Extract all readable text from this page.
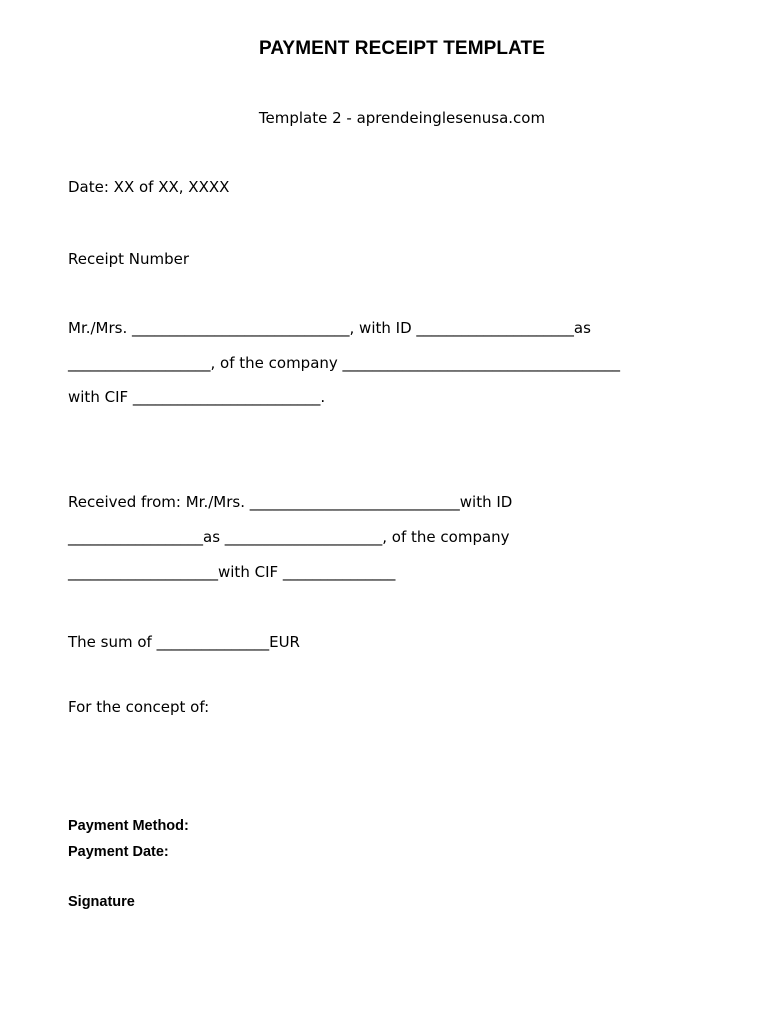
PAYMENT RECEIPT TEMPLATE
Template 2 - aprendeinglesenusa.com
Date: XX of XX, XXXX
Receipt Number
Mr./Mrs. _____________________________, with ID _____________________as
___________________, of the company _____________________________________
with CIF _________________________.
Received from: Mr./Mrs. ____________________________with ID
__________________as _____________________, of the company
____________________with CIF _______________
The sum of _______________EUR
For the concept of:
Payment Method:
Payment Date:
Signature
